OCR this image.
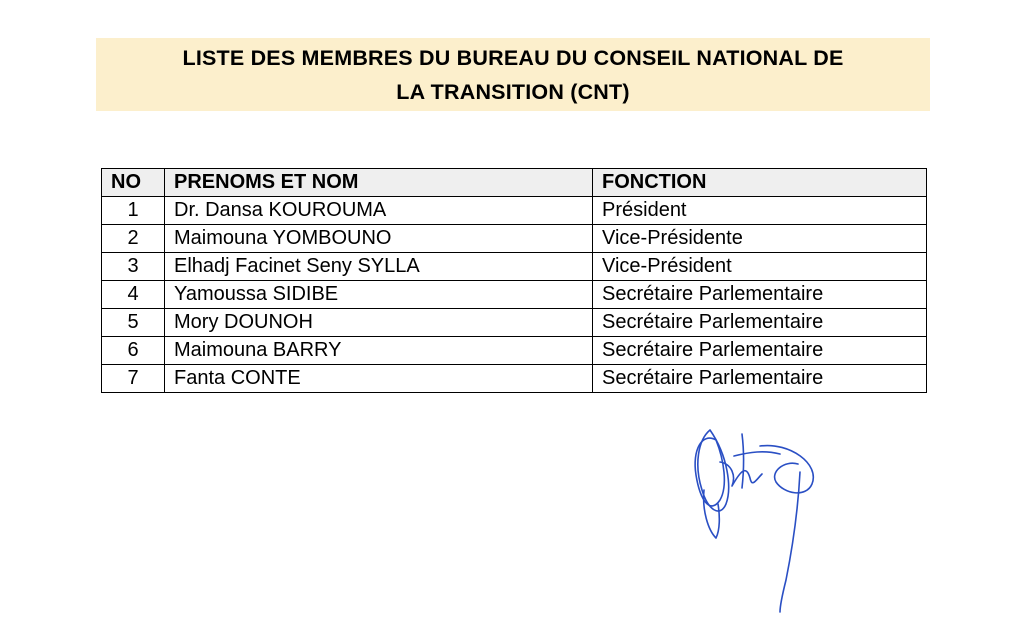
LISTE DES MEMBRES DU BUREAU DU CONSEIL NATIONAL DE
LA TRANSITION (CNT)
NO	PRENOMS ET NOM	FONCTION
1	Dr. Dansa KOUROUMA	Président
2	Maimouna YOMBOUNO	Vice-Présidente
3	Elhadj Facinet Seny SYLLA	Vice-Président
4	Yamoussa SIDIBE	Secrétaire Parlementaire
5	Mory DOUNOH	Secrétaire Parlementaire
6	Maimouna BARRY	Secrétaire Parlementaire
7	Fanta CONTE	Secrétaire Parlementaire
